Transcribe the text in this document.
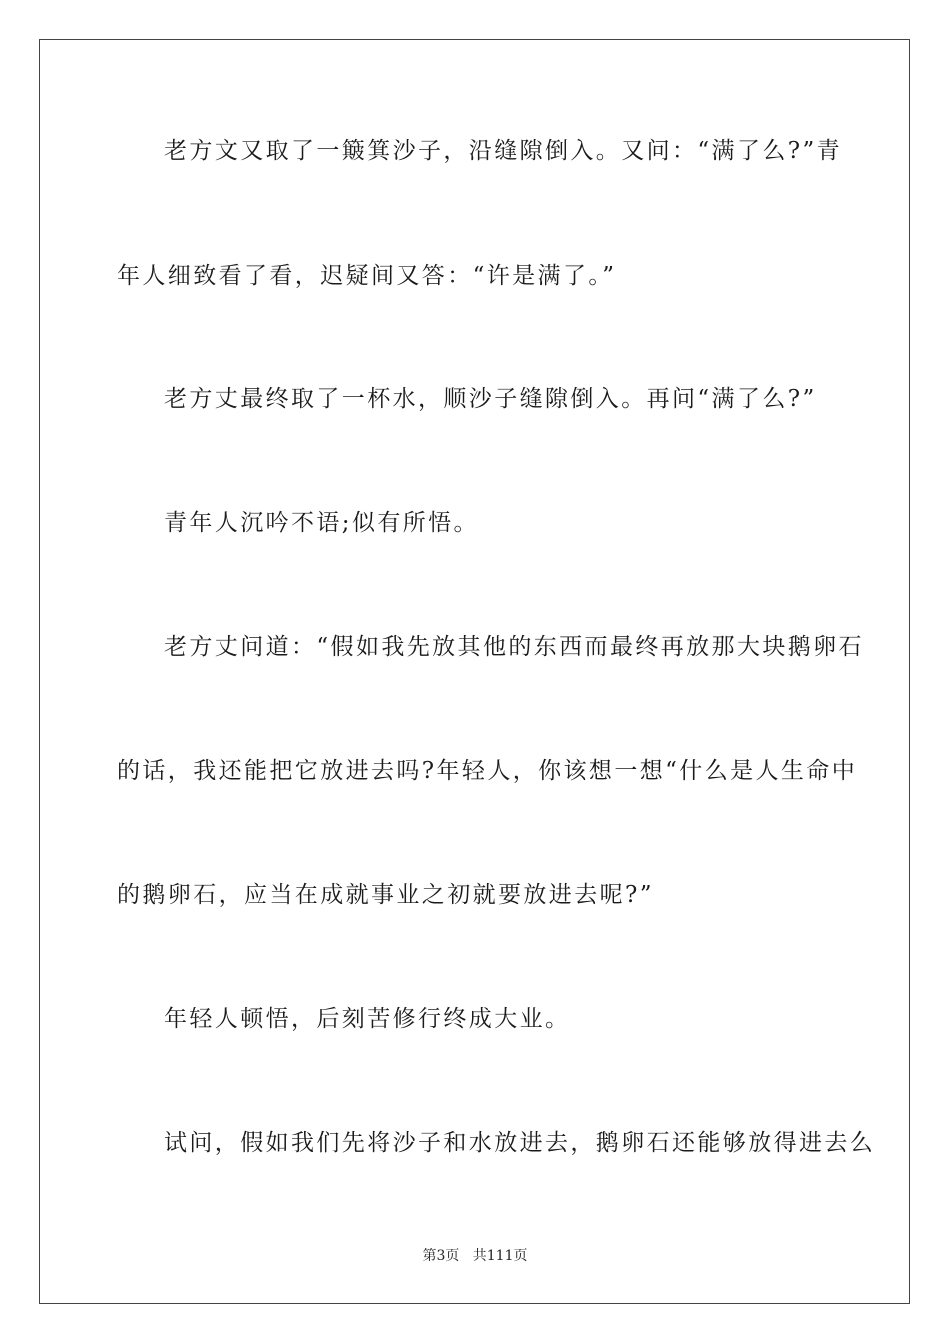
老方文又取了一簸箕沙子，沿缝隙倒入。又问：“满了么?”青
年人细致看了看，迟疑间又答：“许是满了。”
老方丈最终取了一杯水，顺沙子缝隙倒入。再问“满了么?”
青年人沉吟不语;似有所悟。
老方丈问道：“假如我先放其他的东西而最终再放那大块鹅卵石
的话，我还能把它放进去吗?年轻人，你该想一想“什么是人生命中
的鹅卵石，应当在成就事业之初就要放进去呢?”
年轻人顿悟，后刻苦修行终成大业。
试问，假如我们先将沙子和水放进去，鹅卵石还能够放得进去么
第3页 共111页
